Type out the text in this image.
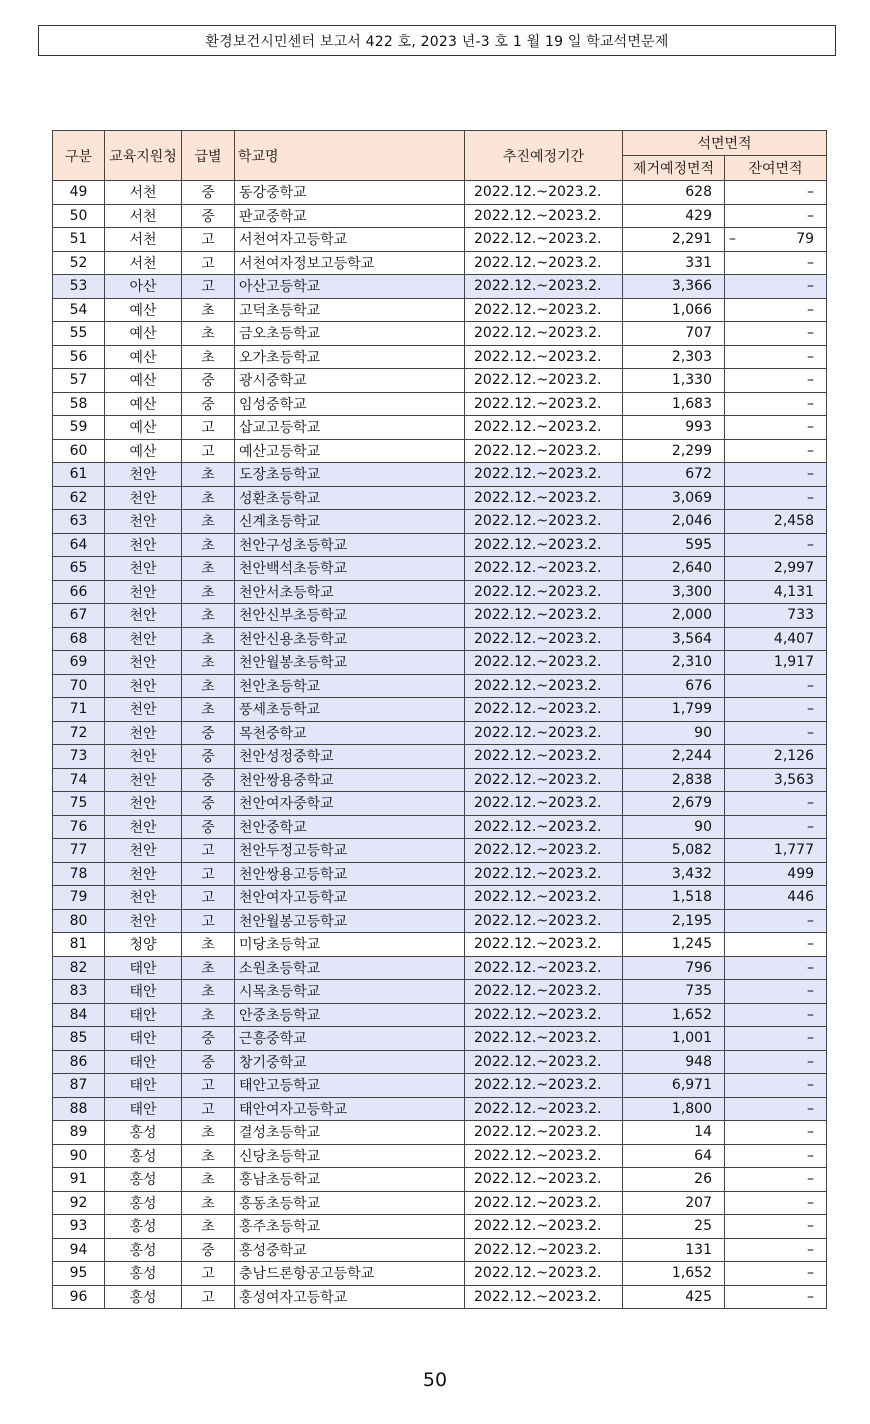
환경보건시민센터 보고서 422 호, 2023 년-3 호 1 월 19 일 학교석면문제
구분	교육지원청	급별	학교명	추진예정기간	석면면적	
					제거예정면적	잔여면적
49	서천	중	동강중학교	2022.12.~2023.2.	628	–
50	서천	중	판교중학교	2022.12.~2023.2.	429	–
51	서천	고	서천여자고등학교	2022.12.~2023.2.	2,291	– 79
52	서천	고	서천여자정보고등학교	2022.12.~2023.2.	331	–
53	아산	고	아산고등학교	2022.12.~2023.2.	3,366	–
54	예산	초	고덕초등학교	2022.12.~2023.2.	1,066	–
55	예산	초	금오초등학교	2022.12.~2023.2.	707	–
56	예산	초	오가초등학교	2022.12.~2023.2.	2,303	–
57	예산	중	광시중학교	2022.12.~2023.2.	1,330	–
58	예산	중	임성중학교	2022.12.~2023.2.	1,683	–
59	예산	고	삽교고등학교	2022.12.~2023.2.	993	–
60	예산	고	예산고등학교	2022.12.~2023.2.	2,299	–
61	천안	초	도장초등학교	2022.12.~2023.2.	672	–
62	천안	초	성환초등학교	2022.12.~2023.2.	3,069	–
63	천안	초	신계초등학교	2022.12.~2023.2.	2,046	2,458
64	천안	초	천안구성초등학교	2022.12.~2023.2.	595	–
65	천안	초	천안백석초등학교	2022.12.~2023.2.	2,640	2,997
66	천안	초	천안서초등학교	2022.12.~2023.2.	3,300	4,131
67	천안	초	천안신부초등학교	2022.12.~2023.2.	2,000	733
68	천안	초	천안신용초등학교	2022.12.~2023.2.	3,564	4,407
69	천안	초	천안월봉초등학교	2022.12.~2023.2.	2,310	1,917
70	천안	초	천안초등학교	2022.12.~2023.2.	676	–
71	천안	초	풍세초등학교	2022.12.~2023.2.	1,799	–
72	천안	중	목천중학교	2022.12.~2023.2.	90	–
73	천안	중	천안성정중학교	2022.12.~2023.2.	2,244	2,126
74	천안	중	천안쌍용중학교	2022.12.~2023.2.	2,838	3,563
75	천안	중	천안여자중학교	2022.12.~2023.2.	2,679	–
76	천안	중	천안중학교	2022.12.~2023.2.	90	–
77	천안	고	천안두정고등학교	2022.12.~2023.2.	5,082	1,777
78	천안	고	천안쌍용고등학교	2022.12.~2023.2.	3,432	499
79	천안	고	천안여자고등학교	2022.12.~2023.2.	1,518	446
80	천안	고	천안월봉고등학교	2022.12.~2023.2.	2,195	–
81	청양	초	미당초등학교	2022.12.~2023.2.	1,245	–
82	태안	초	소원초등학교	2022.12.~2023.2.	796	–
83	태안	초	시목초등학교	2022.12.~2023.2.	735	–
84	태안	초	안중초등학교	2022.12.~2023.2.	1,652	–
85	태안	중	근흥중학교	2022.12.~2023.2.	1,001	–
86	태안	중	창기중학교	2022.12.~2023.2.	948	–
87	태안	고	태안고등학교	2022.12.~2023.2.	6,971	–
88	태안	고	태안여자고등학교	2022.12.~2023.2.	1,800	–
89	홍성	초	결성초등학교	2022.12.~2023.2.	14	–
90	홍성	초	신당초등학교	2022.12.~2023.2.	64	–
91	홍성	초	홍남초등학교	2022.12.~2023.2.	26	–
92	홍성	초	홍동초등학교	2022.12.~2023.2.	207	–
93	홍성	초	홍주초등학교	2022.12.~2023.2.	25	–
94	홍성	중	홍성중학교	2022.12.~2023.2.	131	–
95	홍성	고	충남드론항공고등학교	2022.12.~2023.2.	1,652	–
96	홍성	고	홍성여자고등학교	2022.12.~2023.2.	425	–
50
